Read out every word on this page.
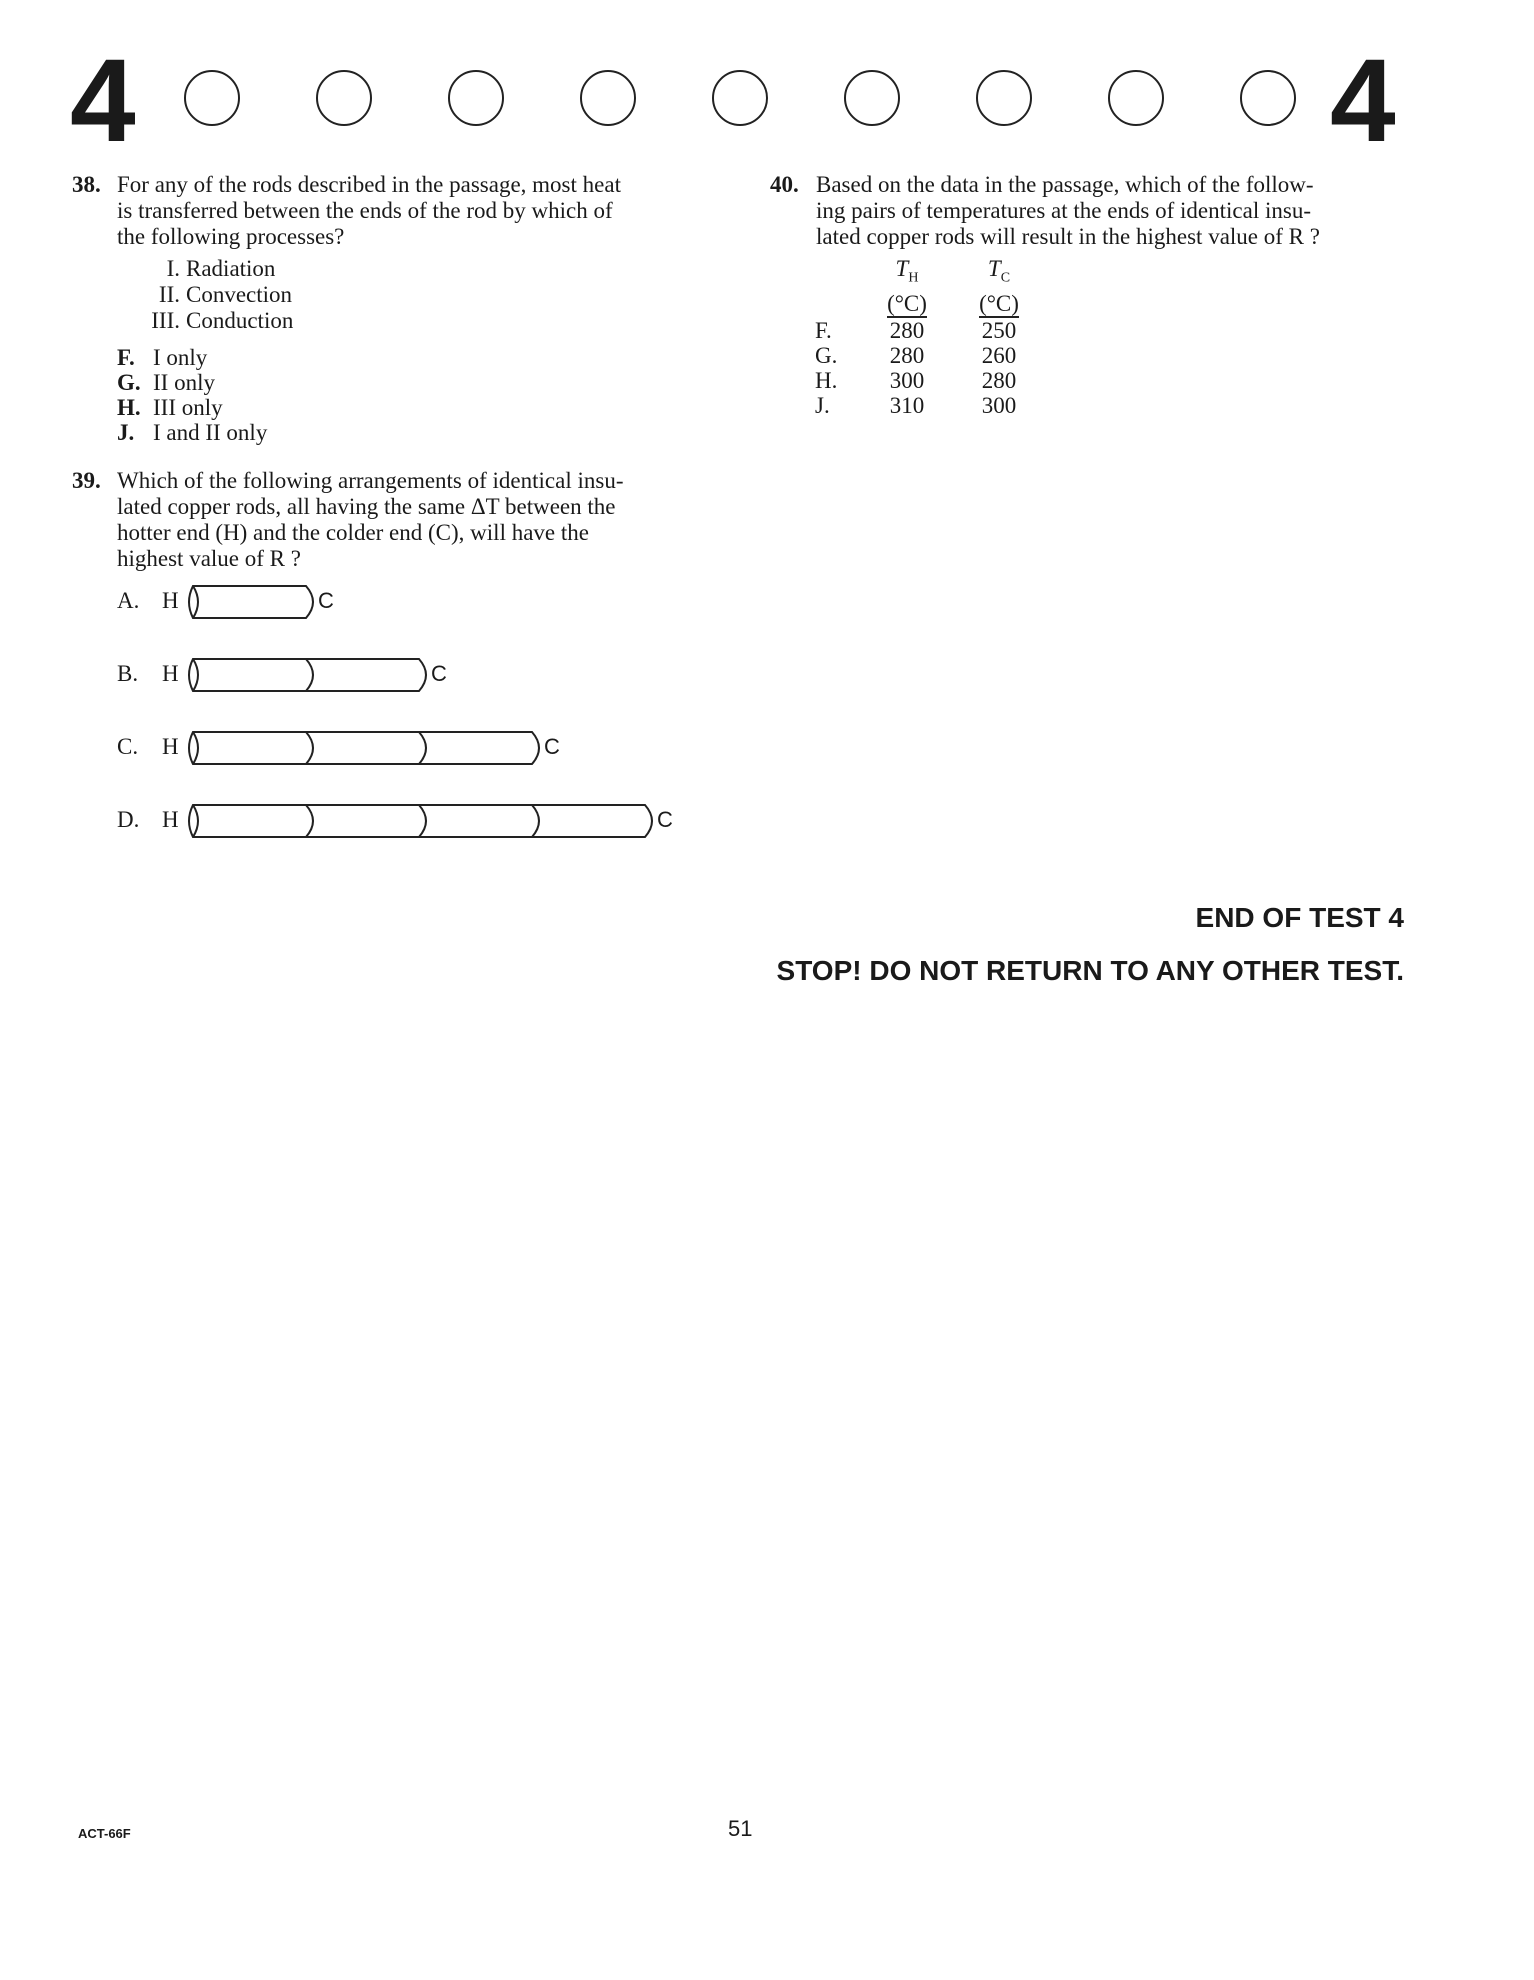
4	4
38. For any of the rods described in the passage, most heat
is transferred between the ends of the rod by which of
the following processes?
I. Radiation
II. Convection
III. Conduction
F. I only
G. II only
H. III only
J. I and II only
39. Which of the following arrangements of identical insu-
lated copper rods, all having the same ΔT between the
hotter end (H) and the colder end (C), will have the
highest value of R ?
A. H	C
B. H	C
C. H	C
D. H	C
40. Based on the data in the passage, which of the follow-
ing pairs of temperatures at the ends of identical insu-
lated copper rods will result in the highest value of R ?
	$T_H$	$T_C$
	(°C)	(°C)
F.	280	250
G.	280	260
H.	300	280
J.	310	300
END OF TEST 4
STOP! DO NOT RETURN TO ANY OTHER TEST.
ACT-66F	51
